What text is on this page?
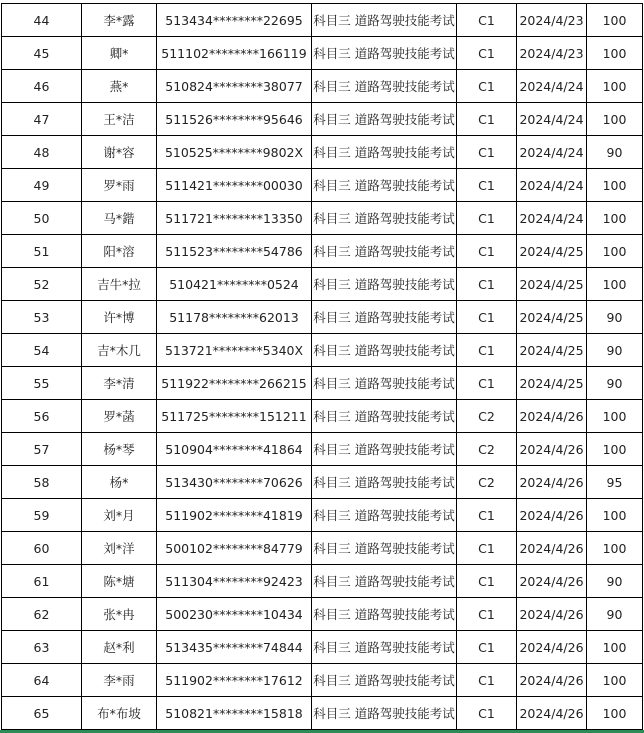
44	李*露	513434********22695	科目三 道路驾驶技能考试	C1	2024/4/23	100
45	卿*	511102********166119	科目三 道路驾驶技能考试	C1	2024/4/23	100
46	燕*	510824********38077	科目三 道路驾驶技能考试	C1	2024/4/24	100
47	王*洁	511526********95646	科目三 道路驾驶技能考试	C1	2024/4/24	100
48	谢*容	510525********9802X	科目三 道路驾驶技能考试	C1	2024/4/24	90
49	罗*雨	511421********00030	科目三 道路驾驶技能考试	C1	2024/4/24	100
50	马*鍇	511721********13350	科目三 道路驾驶技能考试	C1	2024/4/24	100
51	阳*溶	511523********54786	科目三 道路驾驶技能考试	C1	2024/4/25	100
52	吉牛*拉	510421********0524	科目三 道路驾驶技能考试	C1	2024/4/25	100
53	许*博	51178********62013	科目三 道路驾驶技能考试	C1	2024/4/25	90
54	吉*木几	513721********5340X	科目三 道路驾驶技能考试	C1	2024/4/25	90
55	李*清	511922********266215	科目三 道路驾驶技能考试	C1	2024/4/25	90
56	罗*菡	511725********151211	科目三 道路驾驶技能考试	C2	2024/4/26	100
57	杨*琴	510904********41864	科目三 道路驾驶技能考试	C2	2024/4/26	100
58	杨*	513430********70626	科目三 道路驾驶技能考试	C2	2024/4/26	95
59	刘*月	511902********41819	科目三 道路驾驶技能考试	C1	2024/4/26	100
60	刘*洋	500102********84779	科目三 道路驾驶技能考试	C1	2024/4/26	100
61	陈*塘	511304********92423	科目三 道路驾驶技能考试	C1	2024/4/26	90
62	张*冉	500230********10434	科目三 道路驾驶技能考试	C1	2024/4/26	90
63	赵*利	513435********74844	科目三 道路驾驶技能考试	C1	2024/4/26	100
64	李*雨	511902********17612	科目三 道路驾驶技能考试	C1	2024/4/26	100
65	布*布坡	510821********15818	科目三 道路驾驶技能考试	C1	2024/4/26	100
